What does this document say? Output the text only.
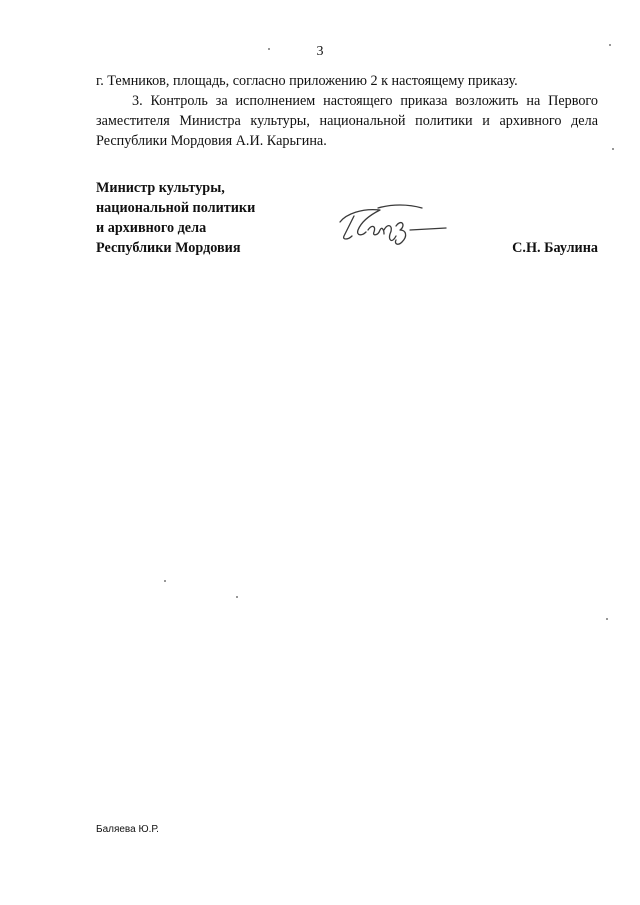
3
г. Темников, площадь, согласно приложению 2 к настоящему приказу.
3. Контроль за исполнением настоящего приказа возложить на Первого
заместителя Министра культуры, национальной политики и архивного дела
Республики Мордовия А.И. Карьгина.
Министр культуры,
национальной политики
и архивного дела
Республики Мордовия	С.Н. Баулина
Баляева Ю.Р.
